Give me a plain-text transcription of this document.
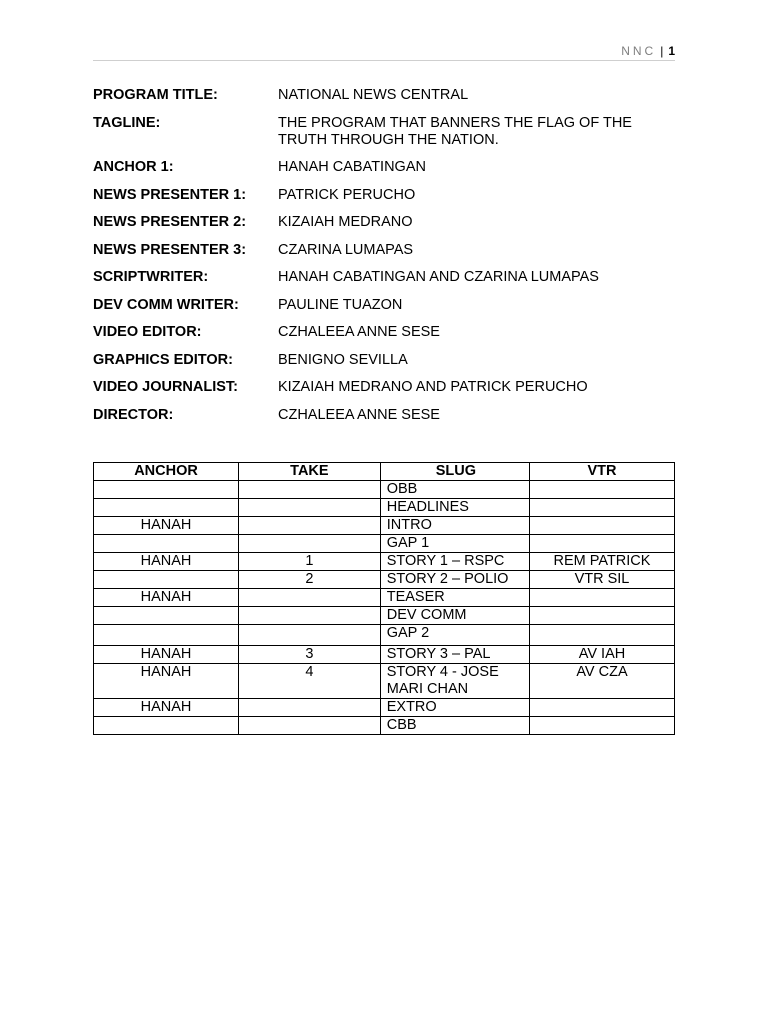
NNC | 1
PROGRAM TITLE:	NATIONAL NEWS CENTRAL
TAGLINE:	THE PROGRAM THAT BANNERS THE FLAG OF THE TRUTH THROUGH THE NATION.
ANCHOR 1:	HANAH CABATINGAN
NEWS PRESENTER 1:	PATRICK PERUCHO
NEWS PRESENTER 2:	KIZAIAH MEDRANO
NEWS PRESENTER 3:	CZARINA LUMAPAS
SCRIPTWRITER:	HANAH CABATINGAN AND CZARINA LUMAPAS
DEV COMM WRITER:	PAULINE TUAZON
VIDEO EDITOR:	CZHALEEA ANNE SESE
GRAPHICS EDITOR:	BENIGNO SEVILLA
VIDEO JOURNALIST:	KIZAIAH MEDRANO AND PATRICK PERUCHO
DIRECTOR:	CZHALEEA ANNE SESE
ANCHOR	TAKE	SLUG	VTR
		OBB	
		HEADLINES	
HANAH		INTRO	
		GAP 1	
HANAH	1	STORY 1 – RSPC	REM PATRICK
	2	STORY 2 – POLIO	VTR SIL
HANAH		TEASER	
		DEV COMM	
		GAP 2	
HANAH	3	STORY 3 – PAL	AV IAH
HANAH	4	STORY 4 - JOSE MARI CHAN	AV CZA
HANAH		EXTRO	
		CBB	
